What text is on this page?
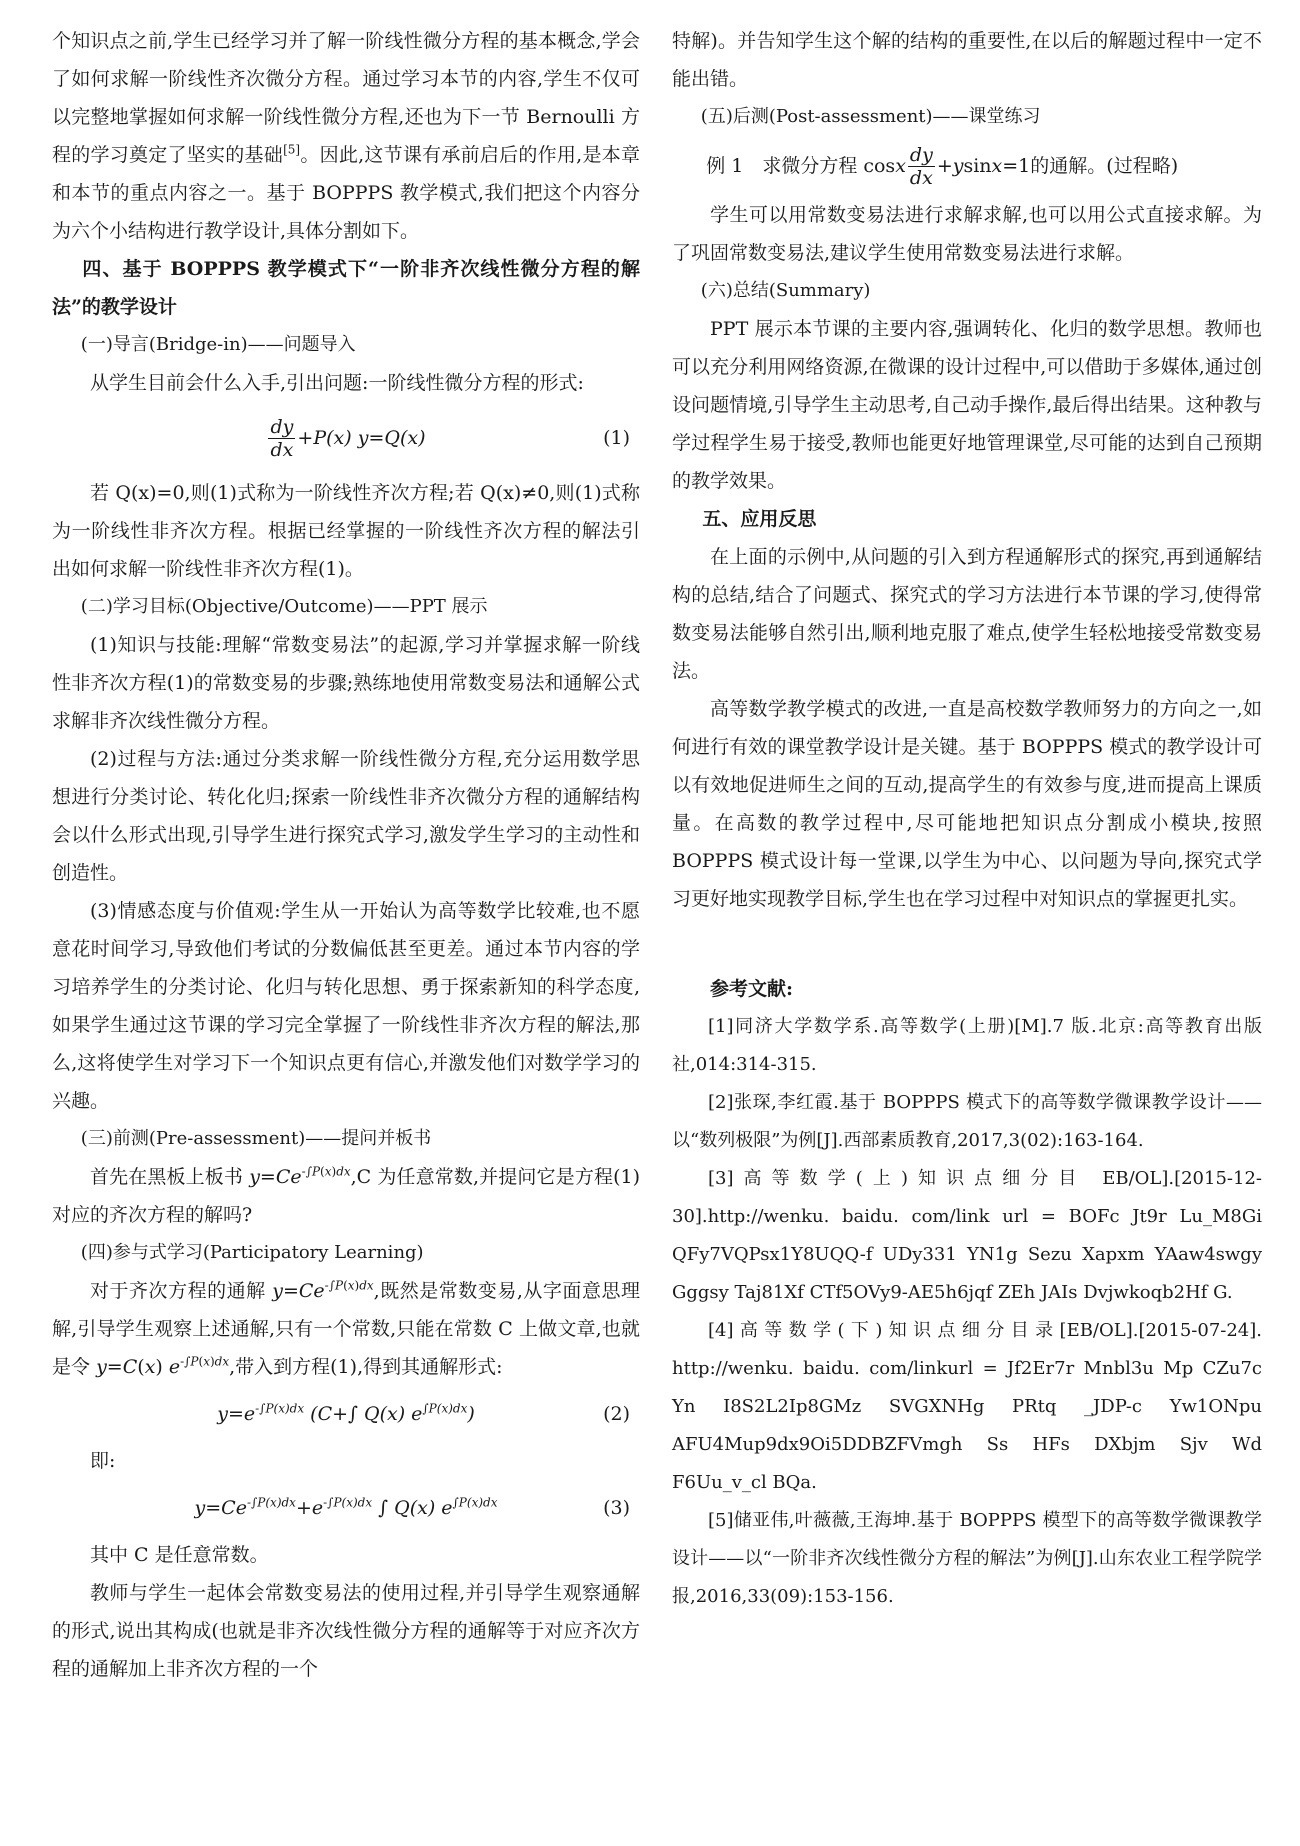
个知识点之前,学生已经学习并了解一阶线性微分方程的基本概念,学会了如何求解一阶线性齐次微分方程。通过学习本节的内容,学生不仅可以完整地掌握如何求解一阶线性微分方程,还也为下一节 Bernoulli 方程的学习奠定了坚实的基础[5]。因此,这节课有承前启后的作用,是本章和本节的重点内容之一。基于 BOPPPS 教学模式,我们把这个内容分为六个小结构进行教学设计,具体分割如下。

四、基于 BOPPPS 教学模式下“一阶非齐次线性微分方程的解法”的教学设计

(一)导言(Bridge-in)——问题导入

从学生目前会什么入手,引出问题:一阶线性微分方程的形式:

$\frac{dy}{dx} +P(x)$ y=Q(x)	(1)

若 Q(x)=0,则(1)式称为一阶线性齐次方程;若 Q(x)≠0,则(1)式称为一阶线性非齐次方程。根据已经掌握的一阶线性齐次方程的解法引出如何求解一阶线性非齐次方程(1)。

(二)学习目标(Objective/Outcome)——PPT 展示

(1)知识与技能:理解“常数变易法”的起源,学习并掌握求解一阶线性非齐次方程(1)的常数变易的步骤;熟练地使用常数变易法和通解公式求解非齐次线性微分方程。

(2)过程与方法:通过分类求解一阶线性微分方程,充分运用数学思想进行分类讨论、转化化归;探索一阶线性非齐次微分方程的通解结构会以什么形式出现,引导学生进行探究式学习,激发学生学习的主动性和创造性。

(3)情感态度与价值观:学生从一开始认为高等数学比较难,也不愿意花时间学习,导致他们考试的分数偏低甚至更差。通过本节内容的学习培养学生的分类讨论、化归与转化思想、勇于探索新知的科学态度,如果学生通过这节课的学习完全掌握了一阶线性非齐次方程的解法,那么,这将使学生对学习下一个知识点更有信心,并激发他们对数学学习的兴趣。

(三)前测(Pre-assessment)——提问并板书

首先在黑板上板书 $y=Ce^{-\int P(x)dx},C$ 为任意常数,并提问它是方程(1)对应的齐次方程的解吗?

(四)参与式学习(Participatory Learning)

对于齐次方程的通解 $y=Ce^{-\int P(x)dx}$,既然是常数变易,从字面意思理解,引导学生观察上述通解,只有一个常数,只能在常数 C 上做文章,也就是令 y=C(x) $e^{-\int P(x)dx}$,带入到方程(1),得到其通解形式:

$y=e^{-\int P(x)dx}$ (C+∫ Q(x) $e^{\int P(x)dx}$)	(2)

即:

$y=Ce^{-\int P(x)dx}+e^{-\int P(x)dx}$ ∫ Q(x) $e^{\int P(x)dx}$	(3)

其中 C 是任意常数。

教师与学生一起体会常数变易法的使用过程,并引导学生观察通解的形式,说出其构成(也就是非齐次线性微分方程的通解等于对应齐次方程的通解加上非齐次方程的一个

特解)。并告知学生这个解的结构的重要性,在以后的解题过程中一定不能出错。

(五)后测(Post-assessment)——课堂练习

例 1　求微分方程 cos x $\frac{dy}{dx} +ysinx=1$ 的通解。(过程略)

学生可以用常数变易法进行求解求解,也可以用公式直接求解。为了巩固常数变易法,建议学生使用常数变易法进行求解。

(六)总结(Summary)

PPT 展示本节课的主要内容,强调转化、化归的数学思想。教师也可以充分利用网络资源,在微课的设计过程中,可以借助于多媒体,通过创设问题情境,引导学生主动思考,自己动手操作,最后得出结果。这种教与学过程学生易于接受,教师也能更好地管理课堂,尽可能的达到自己预期的教学效果。

五、应用反思

在上面的示例中,从问题的引入到方程通解形式的探究,再到通解结构的总结,结合了问题式、探究式的学习方法进行本节课的学习,使得常数变易法能够自然引出,顺利地克服了难点,使学生轻松地接受常数变易法。

高等数学教学模式的改进,一直是高校数学教师努力的方向之一,如何进行有效的课堂教学设计是关键。基于 BOPPPS 模式的教学设计可以有效地促进师生之间的互动,提高学生的有效参与度,进而提高上课质量。在高数的教学过程中,尽可能地把知识点分割成小模块,按照 BOPPPS 模式设计每一堂课,以学生为中心、以问题为导向,探究式学习更好地实现教学目标,学生也在学习过程中对知识点的掌握更扎实。

参考文献:

[1]同济大学数学系.高等数学(上册)[M].7 版.北京:高等教育出版社,014:314-315.

[2]张琛,李红霞.基于 BOPPPS 模式下的高等数学微课教学设计——以“数列极限”为例[J].西部素质教育,2017,3(02):163-164.

[3]高等数学(上)知识点细分目 EB/OL].[2015-12-30].http://wenku. baidu. com/link url = BOFc Jt9r Lu_M8Gi QFy7VQPsx1Y8UQQ-f UDy331 YN1g Sezu Xapxm YAaw4swgy Gggsy Taj81Xf CTf5OVy9-AE5h6jqf ZEh JAIs Dvjwkoqb2Hf G.

[4]高等数学(下)知识点细分目录[EB/OL].[2015-07-24]. http://wenku. baidu. com/linkurl = Jf2Er7r Mnbl3u Mp CZu7c Yn I8S2L2Ip8GMz SVGXNHg PRtq _JDP-c Yw1ONpu AFU4Mup9dx9Oi5DDBZFVmgh Ss HFs DXbjm Sjv Wd F6Uu_v_cl BQa.

[5]储亚伟,叶薇薇,王海坤.基于 BOPPPS 模型下的高等数学微课教学设计——以“一阶非齐次线性微分方程的解法”为例[J].山东农业工程学院学报,2016,33(09):153-156.
